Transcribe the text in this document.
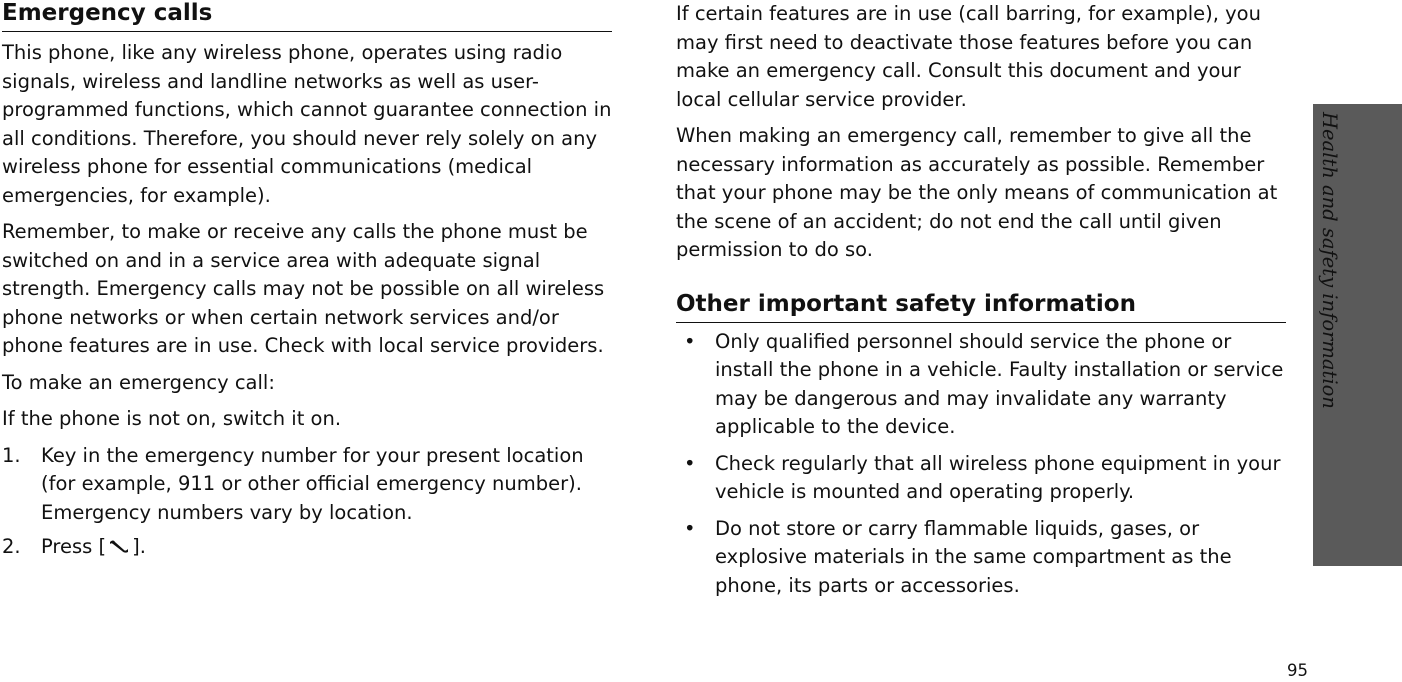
Emergency calls

This phone, like any wireless phone, operates using radio signals, wireless and landline networks as well as user-programmed functions, which cannot guarantee connection in all conditions. Therefore, you should never rely solely on any wireless phone for essential communications (medical emergencies, for example).

Remember, to make or receive any calls the phone must be switched on and in a service area with adequate signal strength. Emergency calls may not be possible on all wireless phone networks or when certain network services and/or phone features are in use. Check with local service providers.

To make an emergency call:

If the phone is not on, switch it on.

1. Key in the emergency number for your present location (for example, 911 or other official emergency number). Emergency numbers vary by location.
2. Press [ ].

If certain features are in use (call barring, for example), you may first need to deactivate those features before you can make an emergency call. Consult this document and your local cellular service provider.

When making an emergency call, remember to give all the necessary information as accurately as possible. Remember that your phone may be the only means of communication at the scene of an accident; do not end the call until given permission to do so.

Other important safety information
• Only qualified personnel should service the phone or install the phone in a vehicle. Faulty installation or service may be dangerous and may invalidate any warranty applicable to the device.
• Check regularly that all wireless phone equipment in your vehicle is mounted and operating properly.
• Do not store or carry flammable liquids, gases, or explosive materials in the same compartment as the phone, its parts or accessories.
Health and safety information
95
